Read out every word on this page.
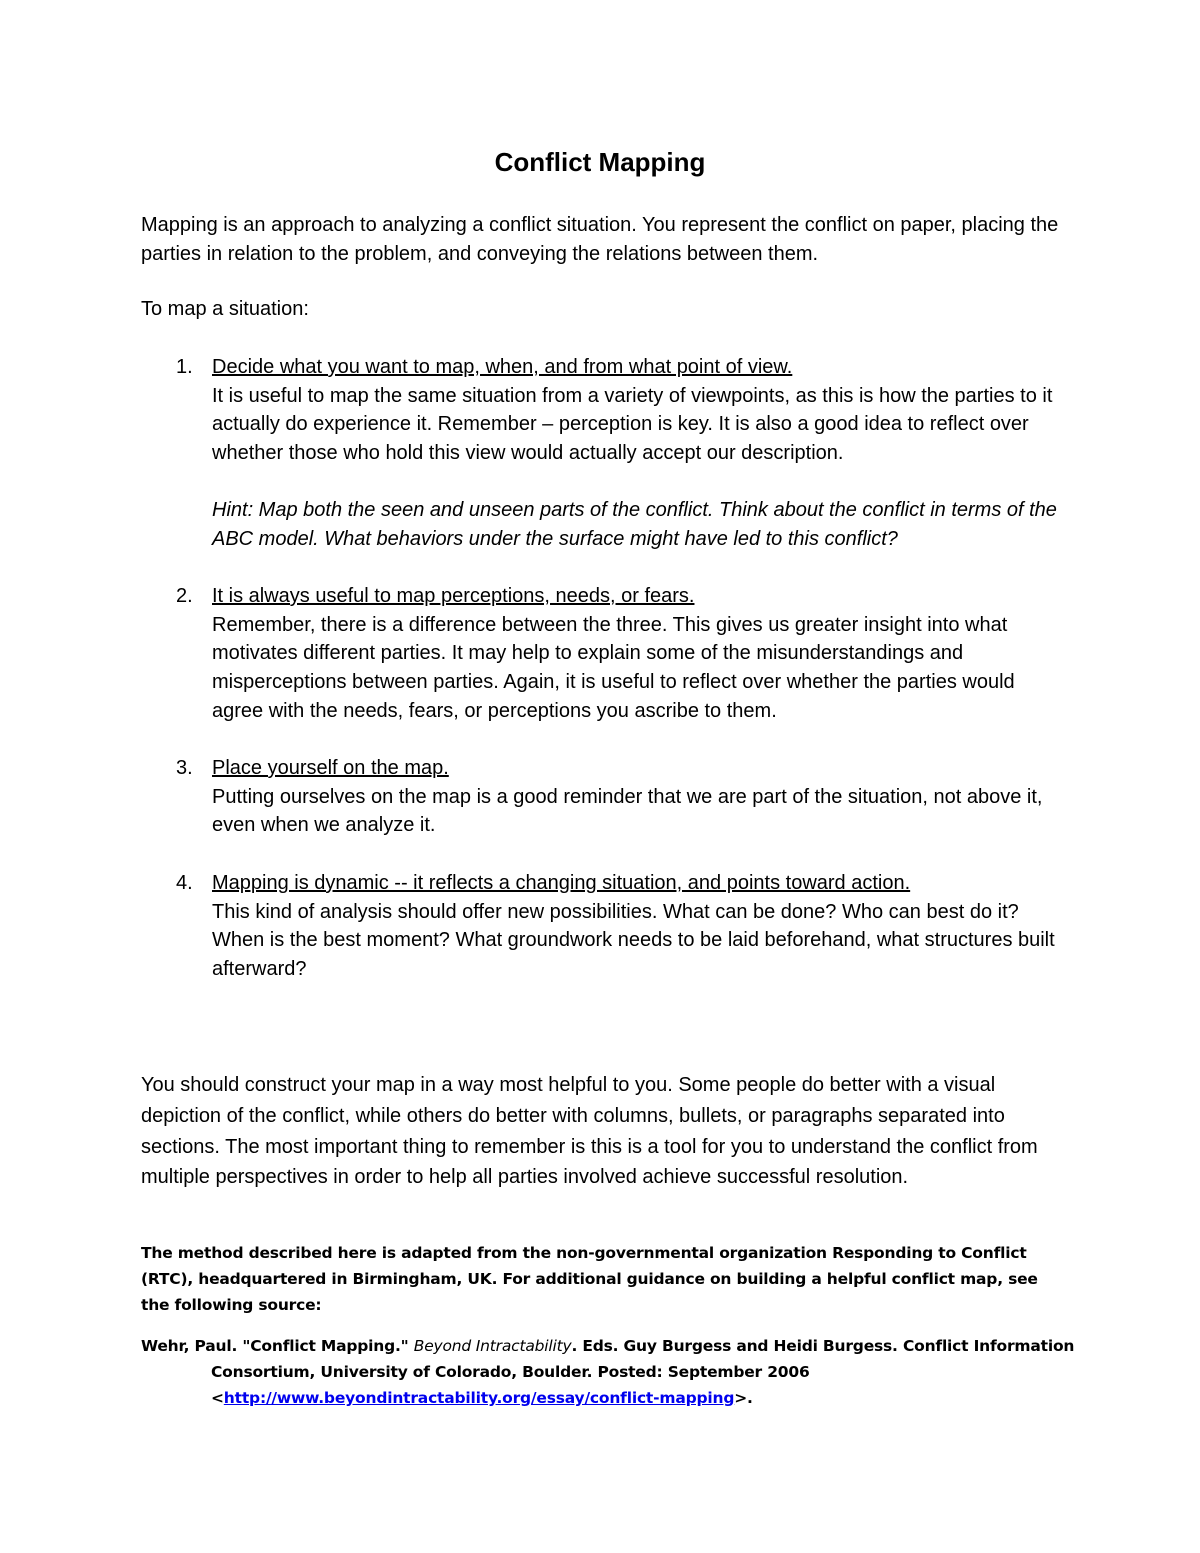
Conflict Mapping

Mapping is an approach to analyzing a conflict situation. You represent the conflict on paper, placing the parties in relation to the problem, and conveying the relations between them.

To map a situation:

1. Decide what you want to map, when, and from what point of view.
It is useful to map the same situation from a variety of viewpoints, as this is how the parties to it actually do experience it. Remember – perception is key. It is also a good idea to reflect over whether those who hold this view would actually accept our description.
Hint: Map both the seen and unseen parts of the conflict. Think about the conflict in terms of the ABC model. What behaviors under the surface might have led to this conflict?
2. It is always useful to map perceptions, needs, or fears.
Remember, there is a difference between the three. This gives us greater insight into what motivates different parties. It may help to explain some of the misunderstandings and misperceptions between parties. Again, it is useful to reflect over whether the parties would agree with the needs, fears, or perceptions you ascribe to them.
3. Place yourself on the map.
Putting ourselves on the map is a good reminder that we are part of the situation, not above it, even when we analyze it.
4. Mapping is dynamic -- it reflects a changing situation, and points toward action.
This kind of analysis should offer new possibilities. What can be done? Who can best do it? When is the best moment? What groundwork needs to be laid beforehand, what structures built afterward?

You should construct your map in a way most helpful to you. Some people do better with a visual depiction of the conflict, while others do better with columns, bullets, or paragraphs separated into sections. The most important thing to remember is this is a tool for you to understand the conflict from multiple perspectives in order to help all parties involved achieve successful resolution.

The method described here is adapted from the non-governmental organization Responding to Conflict (RTC), headquartered in Birmingham, UK. For additional guidance on building a helpful conflict map, see the following source:

Wehr, Paul. "Conflict Mapping." Beyond Intractability. Eds. Guy Burgess and Heidi Burgess. Conflict Information Consortium, University of Colorado, Boulder. Posted: September 2006 <http://www.beyondintractability.org/essay/conflict-mapping>.
